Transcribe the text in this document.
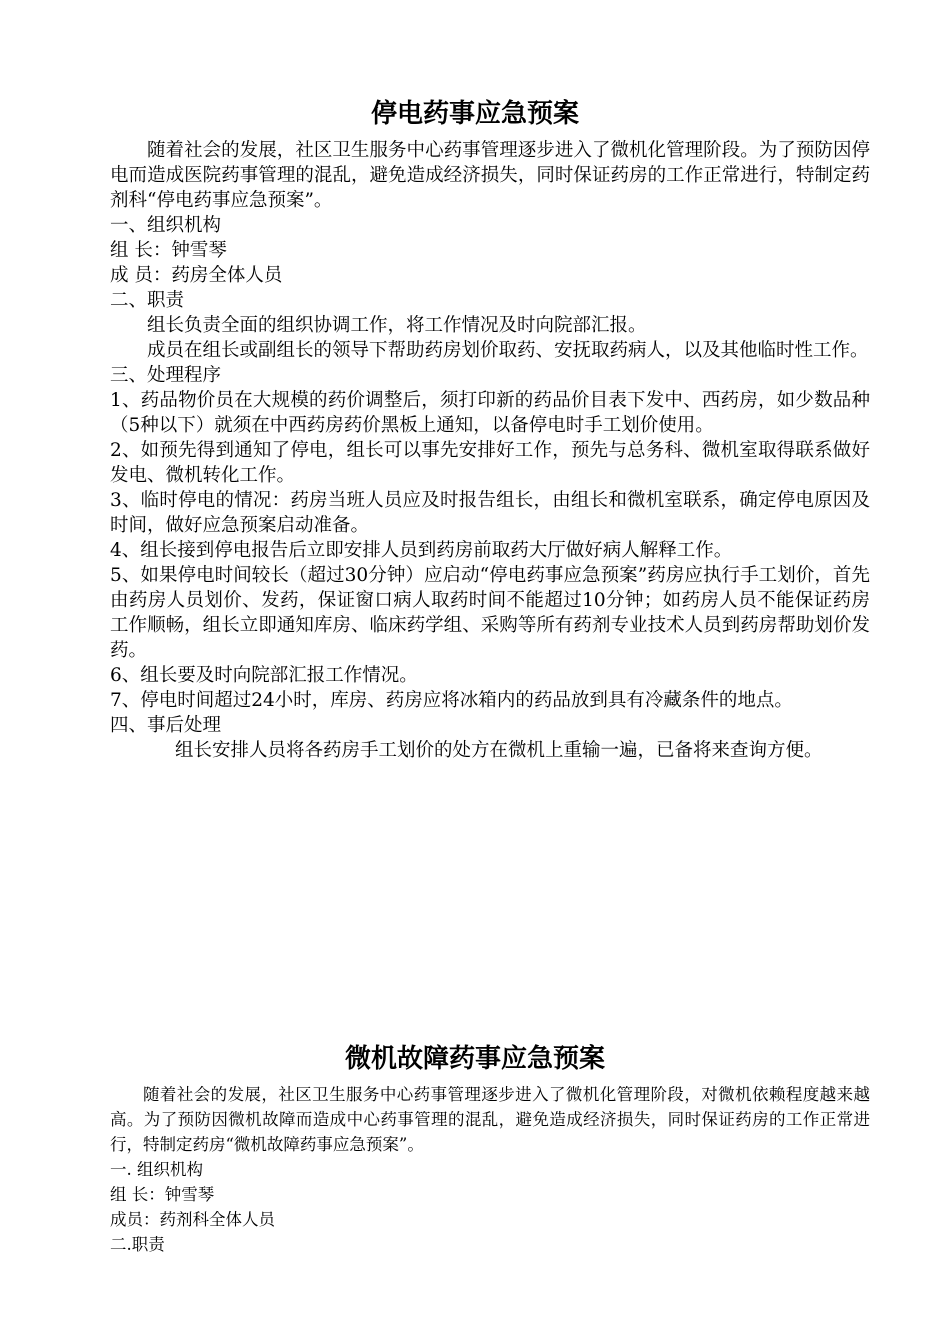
停电药事应急预案

随着社会的发展，社区卫生服务中心药事管理逐步进入了微机化管理阶段。为了预防因停电而造成医院药事管理的混乱，避免造成经济损失，同时保证药房的工作正常进行，特制定药剂科“停电药事应急预案”。

一、组织机构

组 长：钟雪琴

成 员：药房全体人员

二、职责

组长负责全面的组织协调工作，将工作情况及时向院部汇报。

成员在组长或副组长的领导下帮助药房划价取药、安抚取药病人，以及其他临时性工作。

三、处理程序

1、药品物价员在大规模的药价调整后，须打印新的药品价目表下发中、西药房，如少数品种（5种以下）就须在中西药房药价黑板上通知，以备停电时手工划价使用。

2、如预先得到通知了停电，组长可以事先安排好工作，预先与总务科、微机室取得联系做好发电、微机转化工作。

3、临时停电的情况：药房当班人员应及时报告组长，由组长和微机室联系，确定停电原因及时间，做好应急预案启动准备。

4、组长接到停电报告后立即安排人员到药房前取药大厅做好病人解释工作。

5、如果停电时间较长（超过30分钟）应启动“停电药事应急预案”药房应执行手工划价，首先由药房人员划价、发药，保证窗口病人取药时间不能超过10分钟；如药房人员不能保证药房工作顺畅，组长立即通知库房、临床药学组、采购等所有药剂专业技术人员到药房帮助划价发药。

6、组长要及时向院部汇报工作情况。

7、停电时间超过24小时，库房、药房应将冰箱内的药品放到具有冷藏条件的地点。

四、事后处理

组长安排人员将各药房手工划价的处方在微机上重输一遍，已备将来查询方便。

微机故障药事应急预案

随着社会的发展，社区卫生服务中心药事管理逐步进入了微机化管理阶段，对微机依赖程度越来越高。为了预防因微机故障而造成中心药事管理的混乱，避免造成经济损失，同时保证药房的工作正常进行，特制定药房“微机故障药事应急预案”。

一. 组织机构

组 长：钟雪琴

成员：药剂科全体人员

二.职责
